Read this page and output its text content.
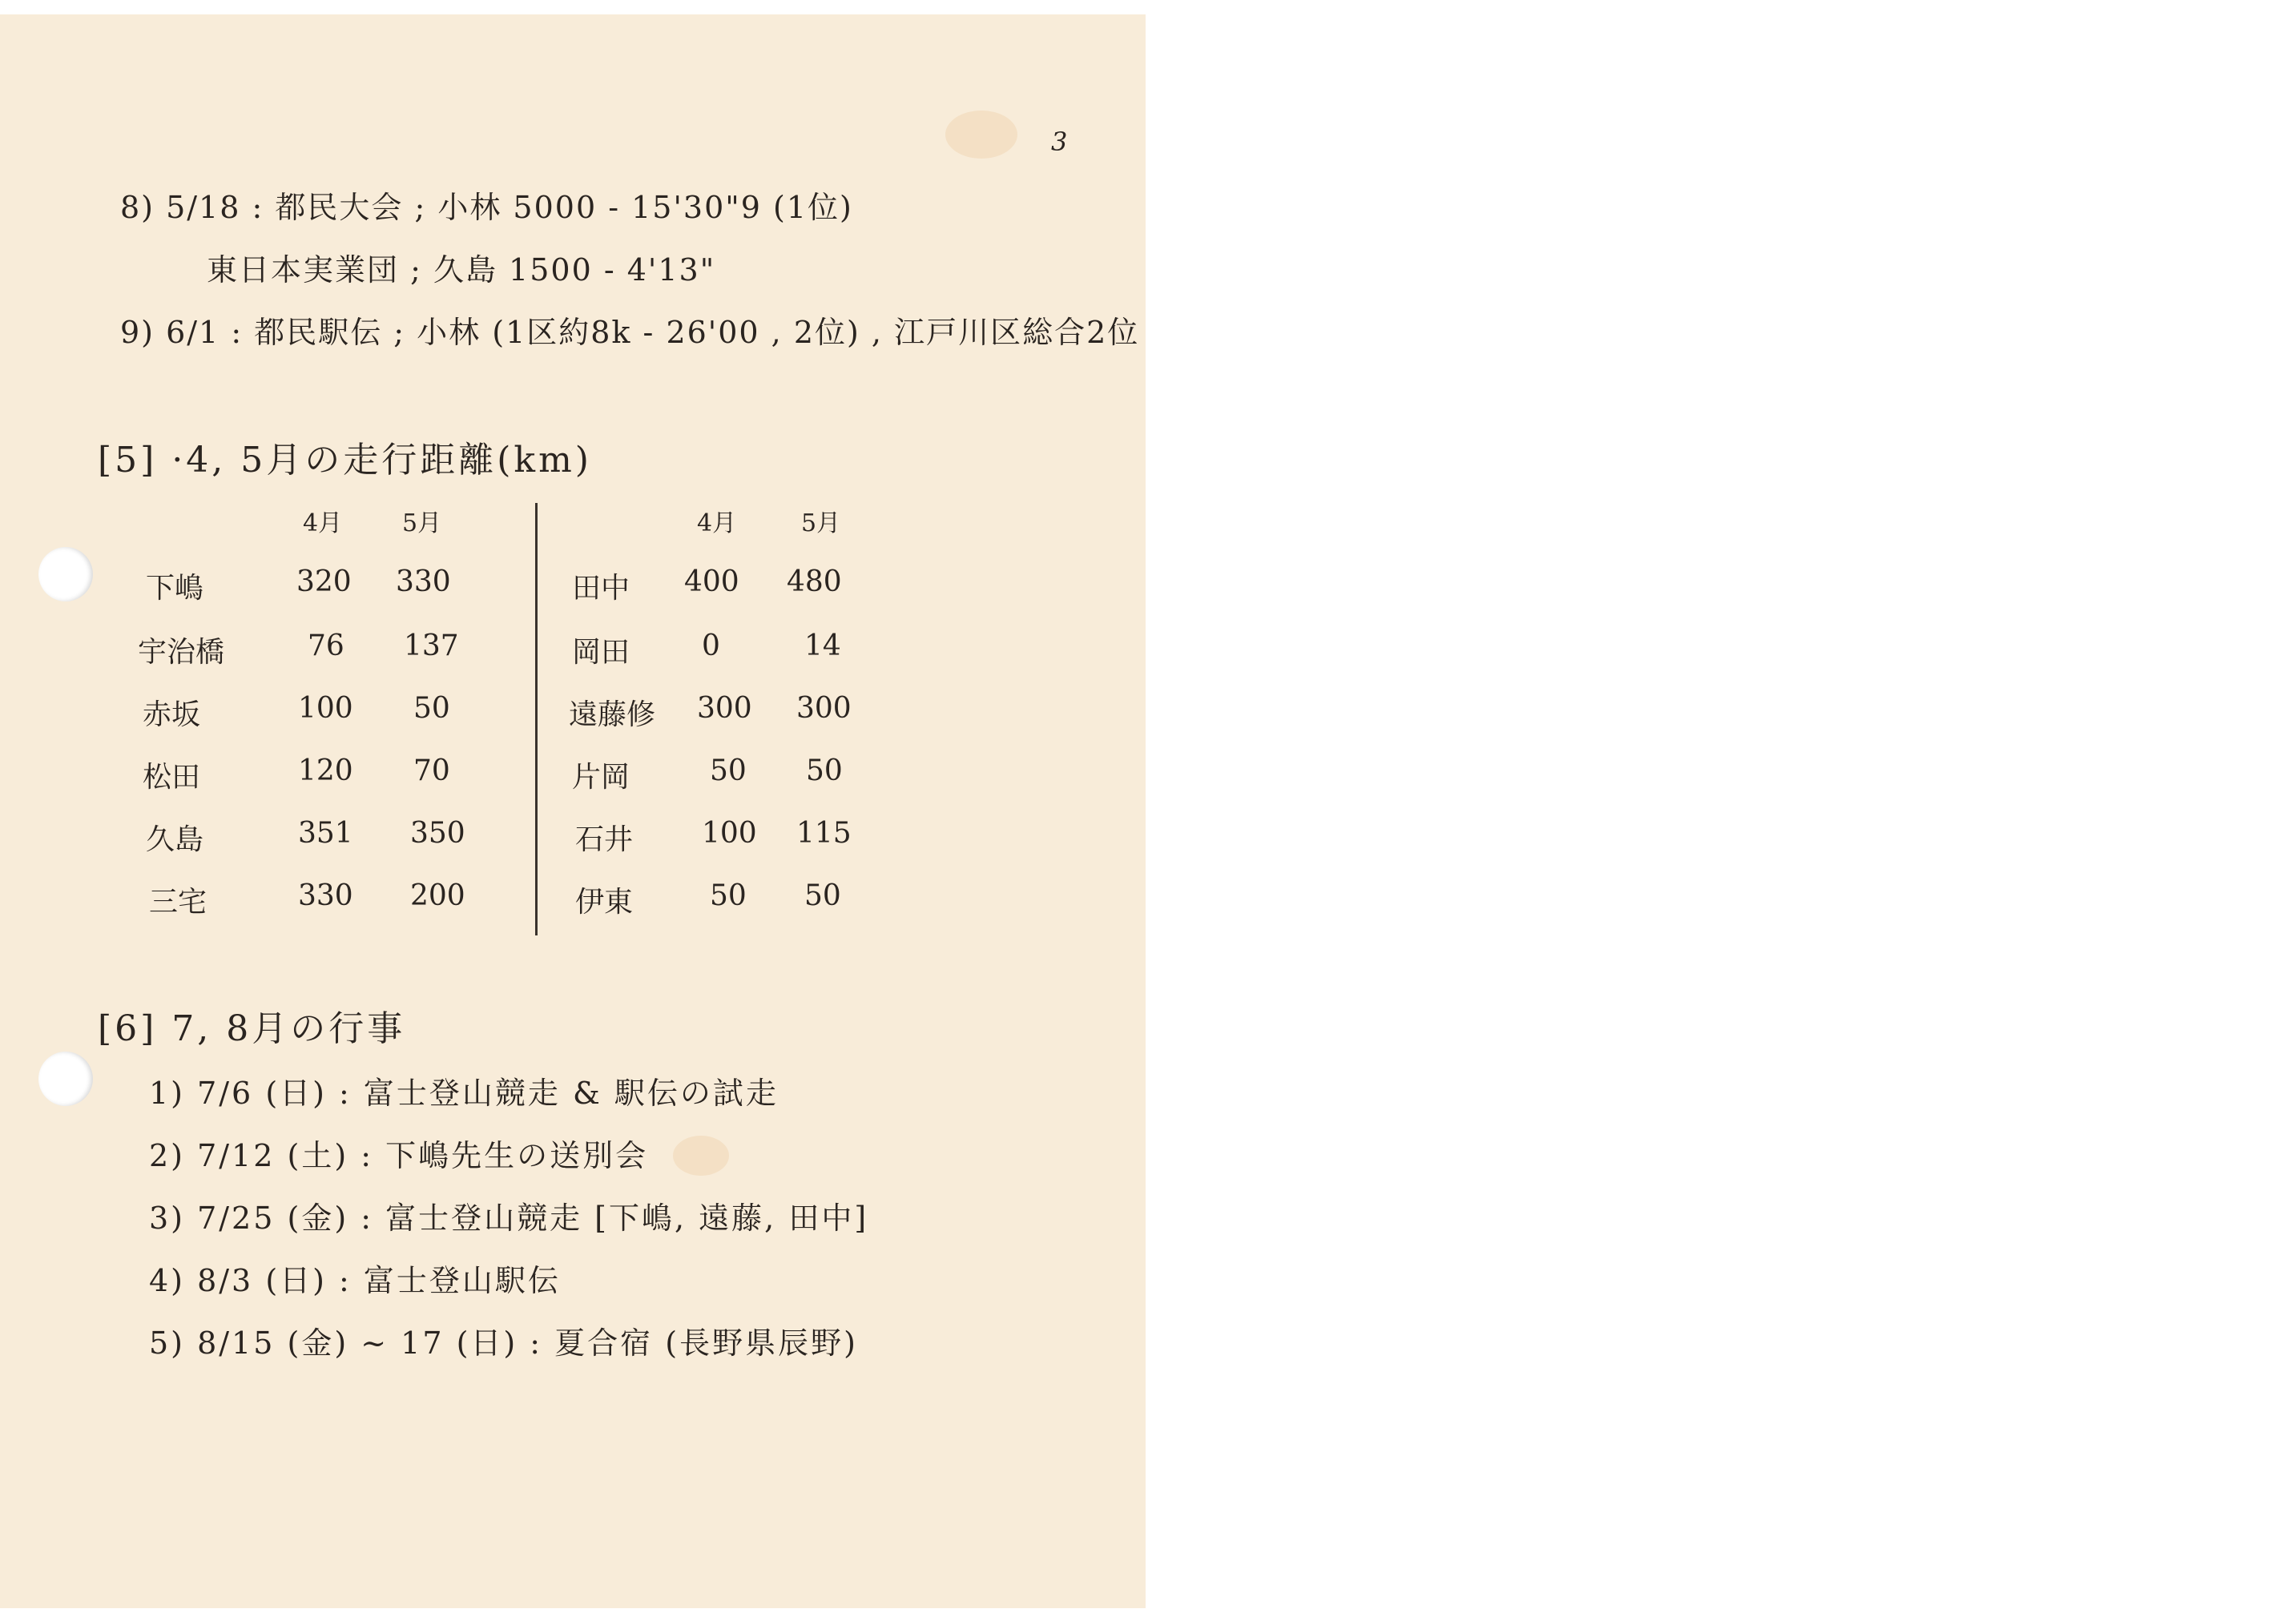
3
8) 5/18 : 都民大会 ; 小林 5000 - 15'30"9 (1位)
東日本実業団 ; 久島 1500 - 4'13"
9) 6/1 : 都民駅伝 ; 小林 (1区約8k - 26'00 , 2位) , 江戸川区総合2位
[5] ·4, 5月の走行距離(km)
4月 5月	4月	5月
下嶋	320 330
宇治橋	76 137
赤坂	100 50
松田	120 70
久島	351 350
三宅	330 200
田中 400 480
岡田 0	14
遠藤修 300 300
片岡	50 50
石井 100 115
伊東	50 50
[6] 7, 8月の行事
1) 7/6 (日) : 富士登山競走 & 駅伝の試走
2) 7/12 (土) : 下嶋先生の送別会
3) 7/25 (金) : 富士登山競走 [下嶋, 遠藤, 田中]
4) 8/3 (日) : 富士登山駅伝
5) 8/15 (金) ~ 17 (日) : 夏合宿 (長野県辰野)
